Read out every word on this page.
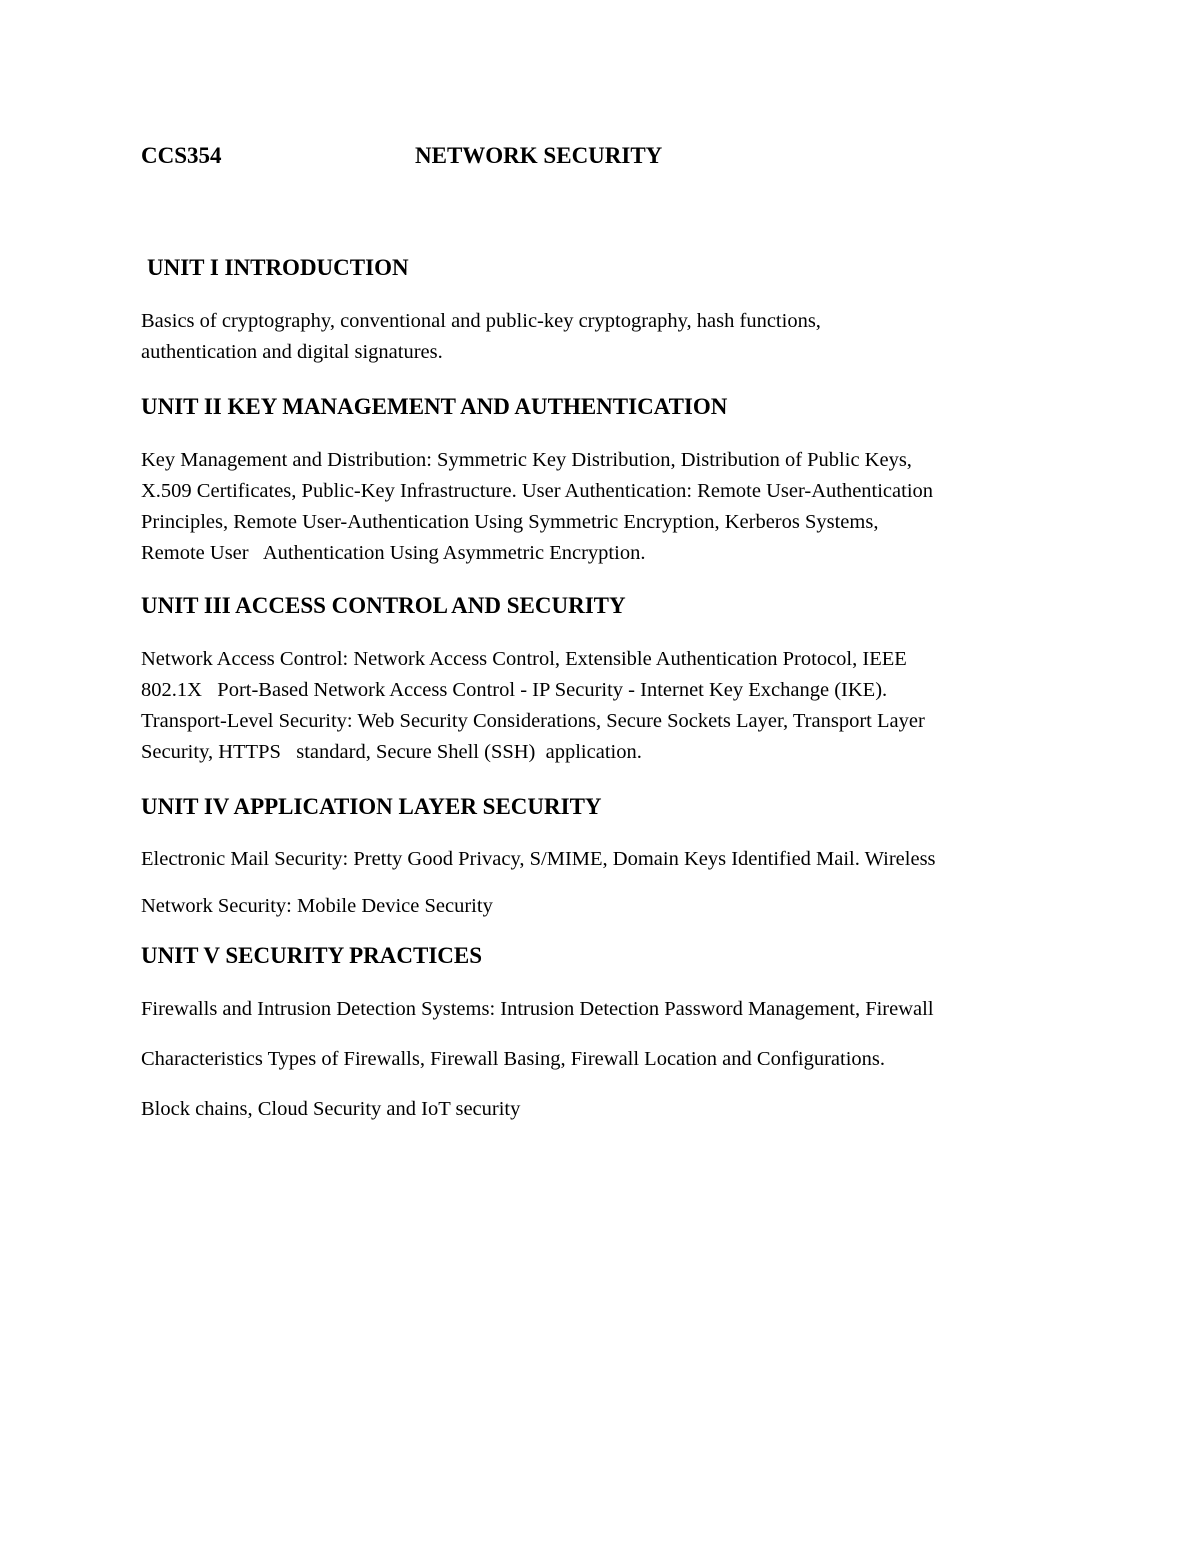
CCS354	NETWORK SECURITY
UNIT I INTRODUCTION
Basics of cryptography, conventional and public-key cryptography, hash functions,
authentication and digital signatures.
UNIT II KEY MANAGEMENT AND AUTHENTICATION
Key Management and Distribution: Symmetric Key Distribution, Distribution of Public Keys,
X.509 Certificates, Public-Key Infrastructure. User Authentication: Remote User-Authentication
Principles, Remote User-Authentication Using Symmetric Encryption, Kerberos Systems,
Remote User   Authentication Using Asymmetric Encryption.
UNIT III ACCESS CONTROL AND SECURITY
Network Access Control: Network Access Control, Extensible Authentication Protocol, IEEE
802.1X   Port-Based Network Access Control - IP Security - Internet Key Exchange (IKE).
Transport-Level Security: Web Security Considerations, Secure Sockets Layer, Transport Layer
Security, HTTPS   standard, Secure Shell (SSH)  application.
UNIT IV APPLICATION LAYER SECURITY
Electronic Mail Security: Pretty Good Privacy, S/MIME, Domain Keys Identified Mail. Wireless
Network Security: Mobile Device Security
UNIT V SECURITY PRACTICES
Firewalls and Intrusion Detection Systems: Intrusion Detection Password Management, Firewall
Characteristics Types of Firewalls, Firewall Basing, Firewall Location and Configurations.
Block chains, Cloud Security and IoT security
